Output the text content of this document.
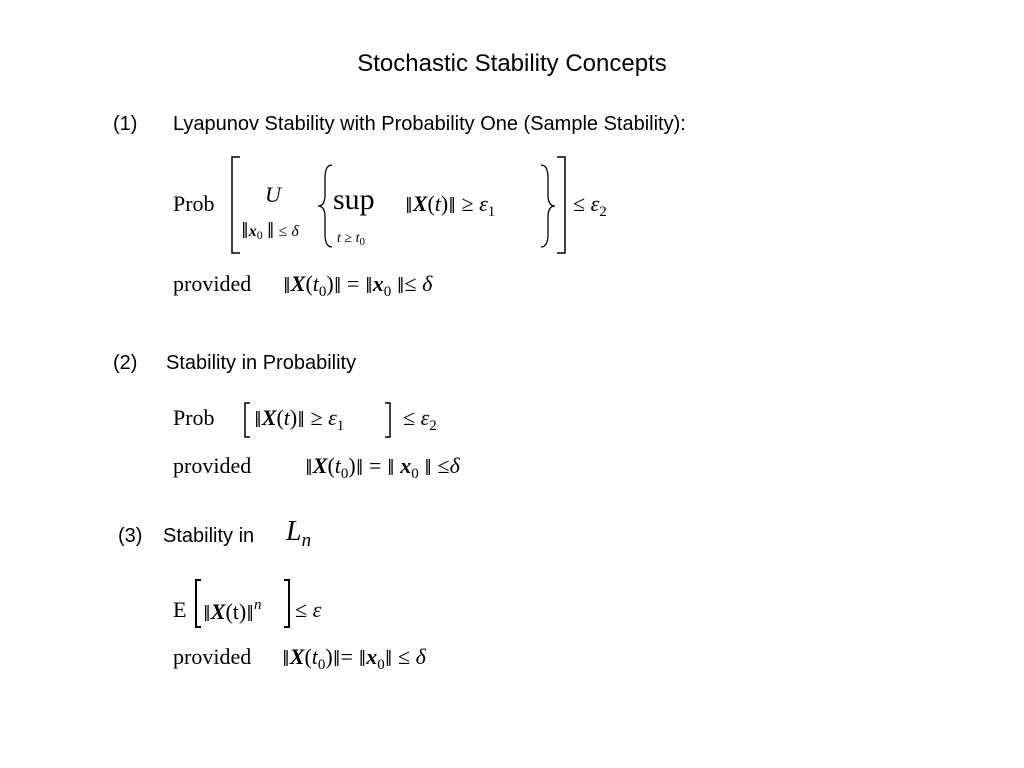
Stochastic Stability Concepts
(1) Lyapunov Stability with Probability One (Sample Stability):
Prob U
|| x0 || ≤ δ
sup
$t \ge t_0$
|| $X(t)|| \ge \varepsilon_1$	≤ $\varepsilon_2$
provided || $X(t_0)||$ = || $x_0$ || ≤ δ
(2) Stability in Probability
Prob || $X(t)|| \ge \varepsilon_1$	≤ $\varepsilon_2$
provided	|| $X(t_0)||$ = || $x_0$ || ≤δ
(3) Stability in $L_n$
E || X(t)|| $^n$ ≤ ε
provided || $X(t_0)||$ = || $x_0|| \le \delta$
